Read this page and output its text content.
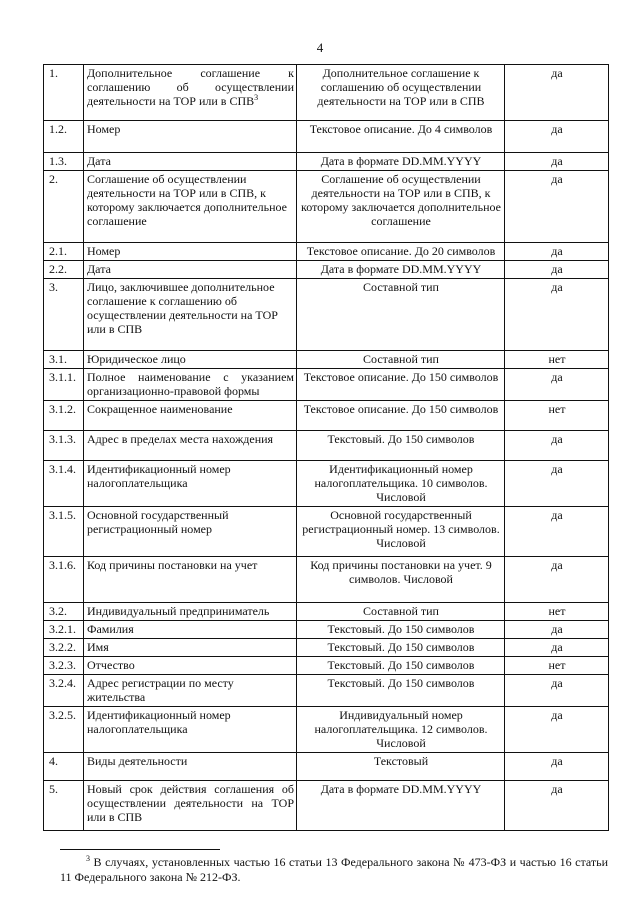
4
1.	Дополнительное соглашение к соглашению об осуществлении деятельности на ТОР или в СПВ$^3$	Дополнительное соглашение к соглашению об осуществлении деятельности на ТОР или в СПВ	да
1.2.	Номер	Текстовое описание. До 4 символов	да
1.3.	Дата	Дата в формате DD.MM.YYYY	да
2.	Соглашение об осуществлении деятельности на ТОР или в СПВ, к которому заключается дополнительное соглашение	Соглашение об осуществлении деятельности на ТОР или в СПВ, к которому заключается дополнительное соглашение	да
2.1.	Номер	Текстовое описание. До 20 символов	да
2.2.	Дата	Дата в формате DD.MM.YYYY	да
3.	Лицо, заключившее дополнительное соглашение к соглашению об осуществлении деятельности на ТОР или в СПВ	Составной тип	да
3.1.	Юридическое лицо	Составной тип	нет
3.1.1.	Полное наименование с указанием организационно-правовой формы	Текстовое описание. До 150 символов	да
3.1.2.	Сокращенное наименование	Текстовое описание. До 150 символов	нет
3.1.3.	Адрес в пределах места нахождения	Текстовый. До 150 символов	да
3.1.4.	Идентификационный номер налогоплательщика	Идентификационный номер налогоплательщика. 10 символов. Числовой	да
3.1.5.	Основной государственный регистрационный номер	Основной государственный регистрационный номер. 13 символов. Числовой	да
3.1.6.	Код причины постановки на учет	Код причины постановки на учет. 9 символов. Числовой	да
3.2.	Индивидуальный предприниматель	Составной тип	нет
3.2.1.	Фамилия	Текстовый. До 150 символов	да
3.2.2.	Имя	Текстовый. До 150 символов	да
3.2.3.	Отчество	Текстовый. До 150 символов	нет
3.2.4.	Адрес регистрации по месту жительства	Текстовый. До 150 символов	да
3.2.5.	Идентификационный номер налогоплательщика	Индивидуальный номер налогоплательщика. 12 символов. Числовой	да
4.	Виды деятельности	Текстовый	да
5.	Новый срок действия соглашения об осуществлении деятельности на ТОР или в СПВ	Дата в формате DD.MM.YYYY	да
$^3$ В случаях, установленных частью 16 статьи 13 Федерального закона № 473-ФЗ и частью 16 статьи 11 Федерального закона № 212-ФЗ.
